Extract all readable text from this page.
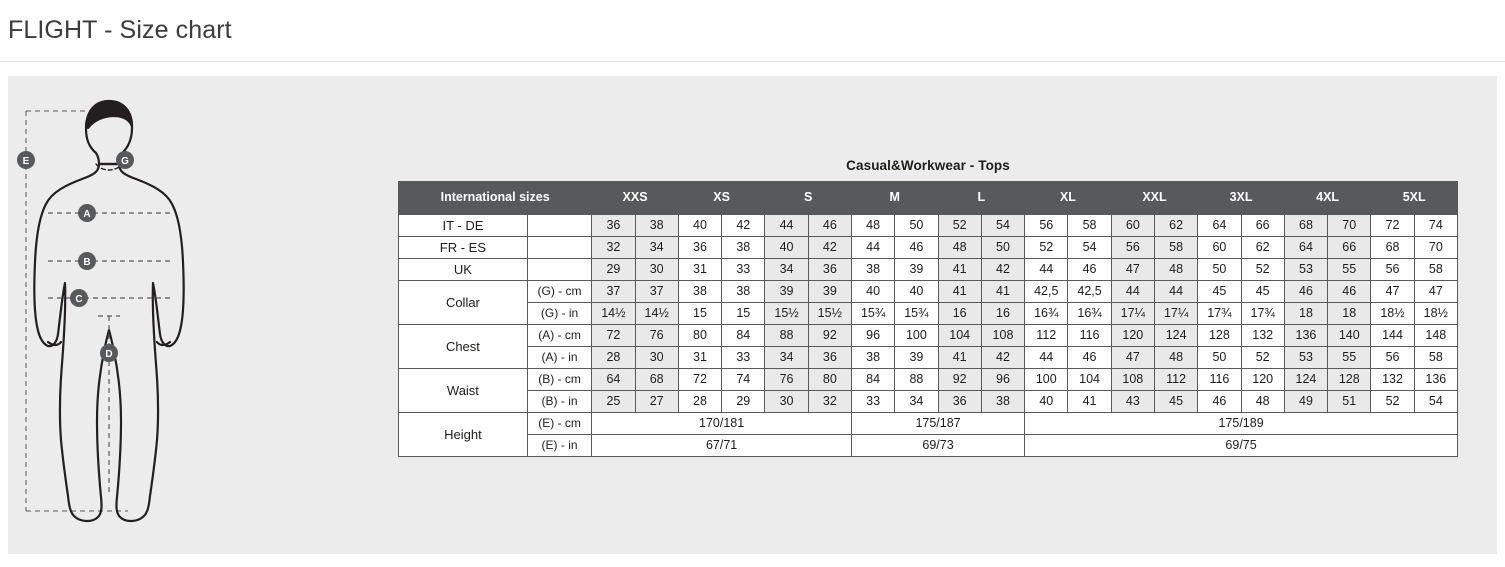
FLIGHT - Size chart
E	G
A
B
C
D
Casual&Workwear - Tops
International sizes		XXS		XS		S		M		L		XL		XXL		3XL		4XL		5XL	
IT - DE		36	38	40	42	44	46	48	50	52	54	56	58	60	62	64	66	68	70	72	74
FR - ES		32	34	36	38	40	42	44	46	48	50	52	54	56	58	60	62	64	66	68	70
UK		29	30	31	33	34	36	38	39	41	42	44	46	47	48	50	52	53	55	56	58
Collar	(G) - cm	37	37	38	38	39	39	40	40	41	41	42,5	42,5	44	44	45	45	46	46	47	47
	(G) - in	14½	14½	15	15	15½	15½	15¾	15¾	16	16	16¾	16¾	17¼	17¼	17¾	17¾	18	18	18½	18½
Chest	(A) - cm	72	76	80	84	88	92	96	100	104	108	112	116	120	124	128	132	136	140	144	148
	(A) - in	28	30	31	33	34	36	38	39	41	42	44	46	47	48	50	52	53	55	56	58
Waist	(B) - cm	64	68	72	74	76	80	84	88	92	96	100	104	108	112	116	120	124	128	132	136
	(B) - in	25	27	28	29	30	32	33	34	36	38	40	41	43	45	46	48	49	51	52	54
Height	(E) - cm	170/181						175/187				175/189									
	(E) - in	67/71						69/73				69/75									
